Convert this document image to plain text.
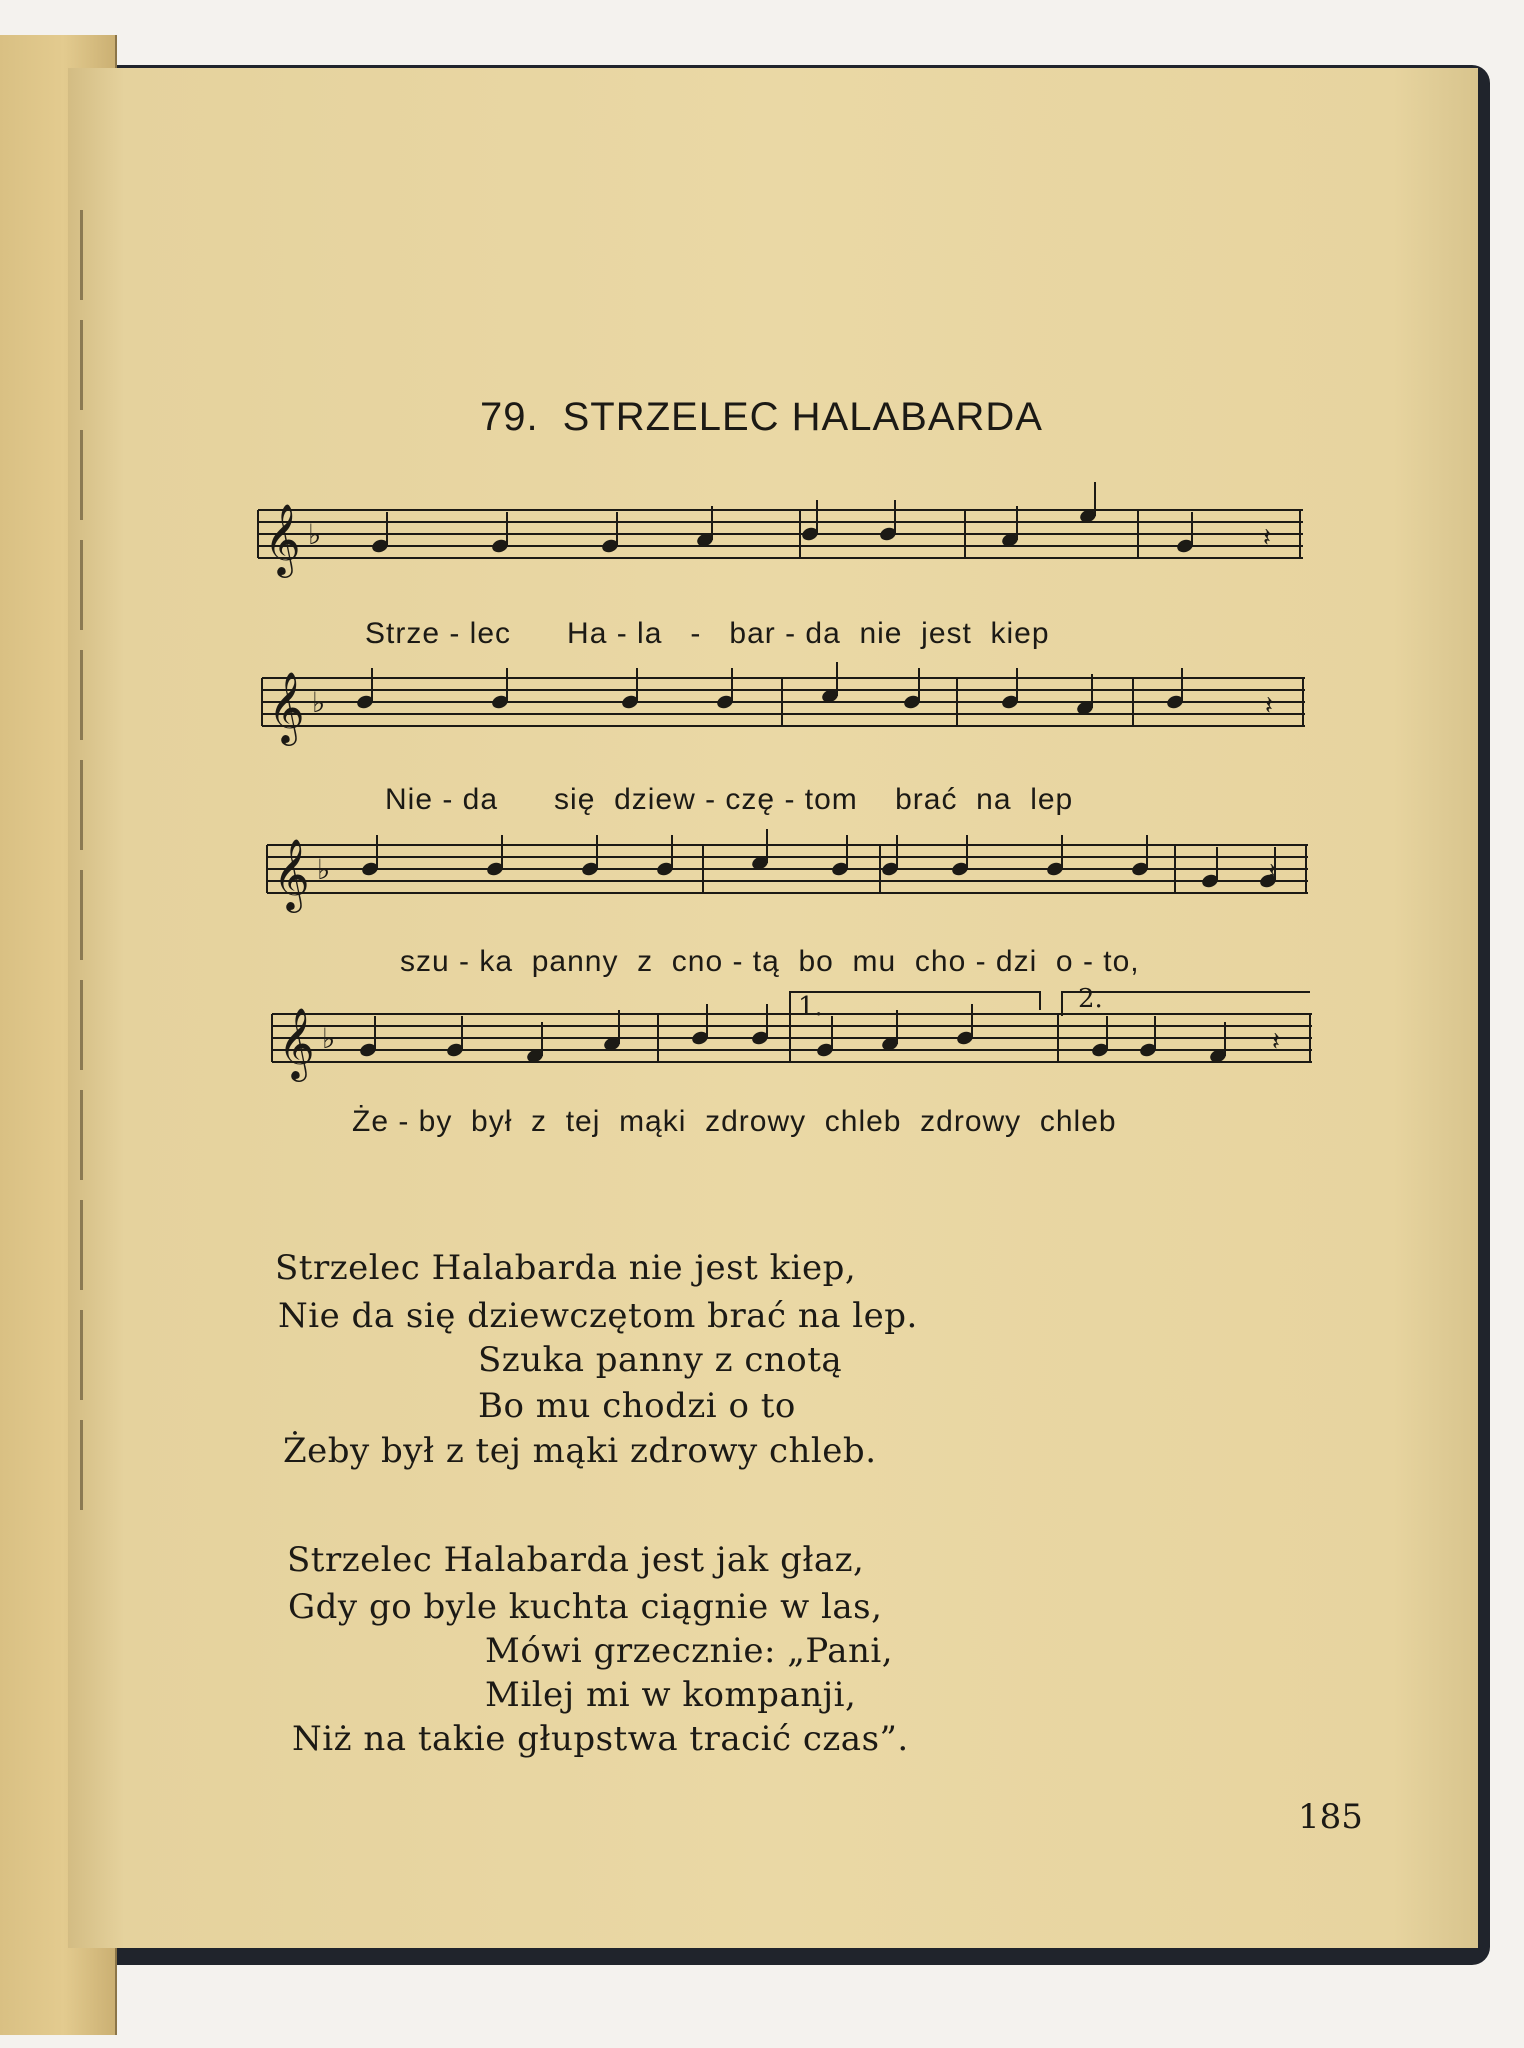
79. STRZELEC HALABARDA
𝄞 ♭	𝄽
𝄞 ♭	𝄽
𝄞 ♭	𝄽
𝄞 ♭	𝄽
1.	2.
Strze - lec      Ha - la   -   bar - da  nie  jest  kiep
Nie - da      się  dziew - czę - tom    brać  na  lep
szu - ka  panny  z  cno - tą  bo  mu  cho - dzi  o - to,
Że - by  był  z  tej  mąki  zdrowy  chleb  zdrowy  chleb
Strzelec Halabarda nie jest kiep,
Nie da się dziewczętom brać na lep.
Szuka panny z cnotą
Bo mu chodzi o to
Żeby był z tej mąki zdrowy chleb.
Strzelec Halabarda jest jak głaz,
Gdy go byle kuchta ciągnie w las,
Mówi grzecznie: „Pani,
Milej mi w kompanji,
Niż na takie głupstwa tracić czas”.
185
